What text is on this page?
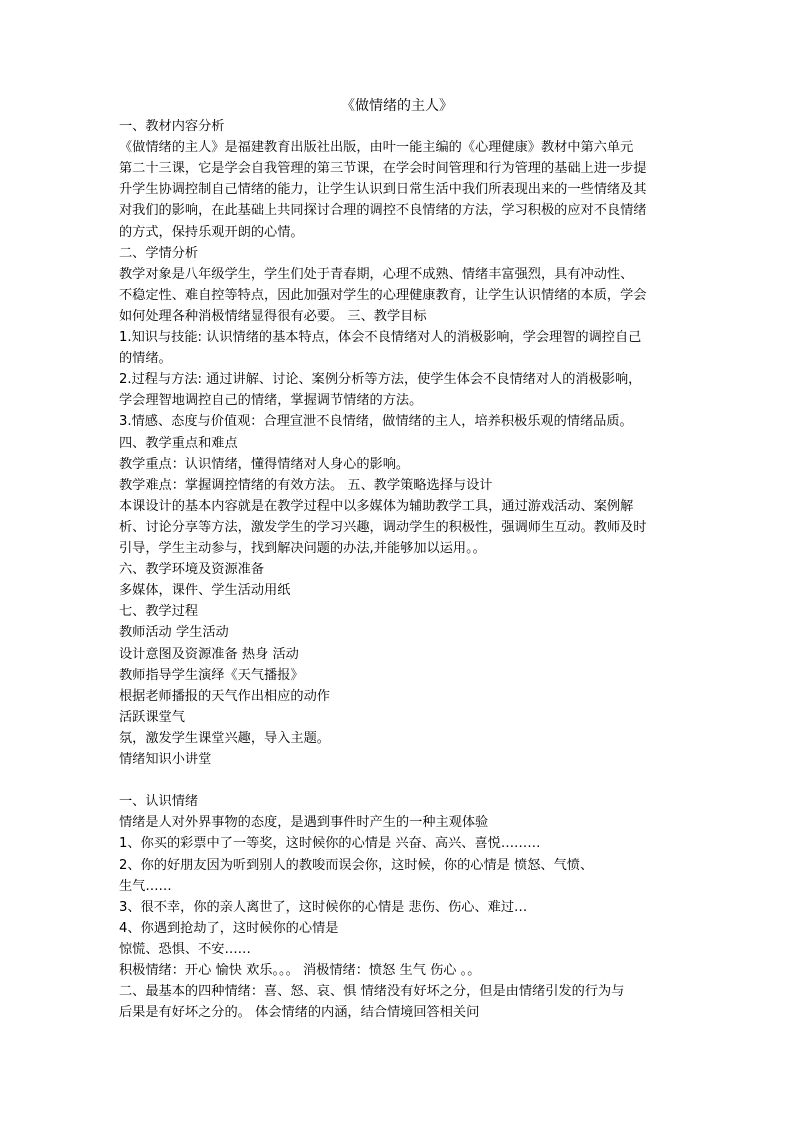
《做情绪的主人》
一、教材内容分析
《做情绪的主人》是福建教育出版社出版，由叶一能主编的《心理健康》教材中第六单元
第二十三课，它是学会自我管理的第三节课，在学会时间管理和行为管理的基础上进一步提
升学生协调控制自己情绪的能力，让学生认识到日常生活中我们所表现出来的一些情绪及其
对我们的影响，在此基础上共同探讨合理的调控不良情绪的方法，学习积极的应对不良情绪
的方式，保持乐观开朗的心情。
二、学情分析
教学对象是八年级学生，学生们处于青春期，心理不成熟、情绪丰富强烈，具有冲动性、
不稳定性、难自控等特点，因此加强对学生的心理健康教育，让学生认识情绪的本质，学会
如何处理各种消极情绪显得很有必要。 三、教学目标
1.知识与技能: 认识情绪的基本特点，体会不良情绪对人的消极影响，学会理智的调控自己
的情绪。
2.过程与方法: 通过讲解、讨论、案例分析等方法，使学生体会不良情绪对人的消极影响，
学会理智地调控自己的情绪，掌握调节情绪的方法。
3.情感、态度与价值观：合理宣泄不良情绪，做情绪的主人，培养积极乐观的情绪品质。
四、教学重点和难点
教学重点：认识情绪，懂得情绪对人身心的影响。
教学难点：掌握调控情绪的有效方法。 五、教学策略选择与设计
本课设计的基本内容就是在教学过程中以多媒体为辅助教学工具，通过游戏活动、案例解
析、讨论分享等方法，激发学生的学习兴趣，调动学生的积极性，强调师生互动。教师及时
引导，学生主动参与，找到解决问题的办法,并能够加以运用。。
六、教学环境及资源准备
多媒体，课件、学生活动用纸
七、教学过程
教师活动 学生活动
设计意图及资源准备 热身 活动
教师指导学生演绎《天气播报》
根据老师播报的天气作出相应的动作
活跃课堂气
氛，激发学生课堂兴趣，导入主题。
情绪知识小讲堂
一、认识情绪
情绪是人对外界事物的态度，是遇到事件时产生的一种主观体验
1、你买的彩票中了一等奖，这时候你的心情是 兴奋、高兴、喜悦………
2、你的好朋友因为听到别人的教唆而误会你，这时候，你的心情是 愤怒、气愤、
生气……
3、很不幸，你的亲人离世了，这时候你的心情是 悲伤、伤心、难过…
4、你遇到抢劫了，这时候你的心情是
惊慌、恐惧、不安……
积极情绪：开心 愉快 欢乐。。。 消极情绪：愤怒 生气 伤心 。。
二、最基本的四种情绪：喜、怒、哀、惧 情绪没有好坏之分，但是由情绪引发的行为与
后果是有好坏之分的。 体会情绪的内涵，结合情境回答相关问
